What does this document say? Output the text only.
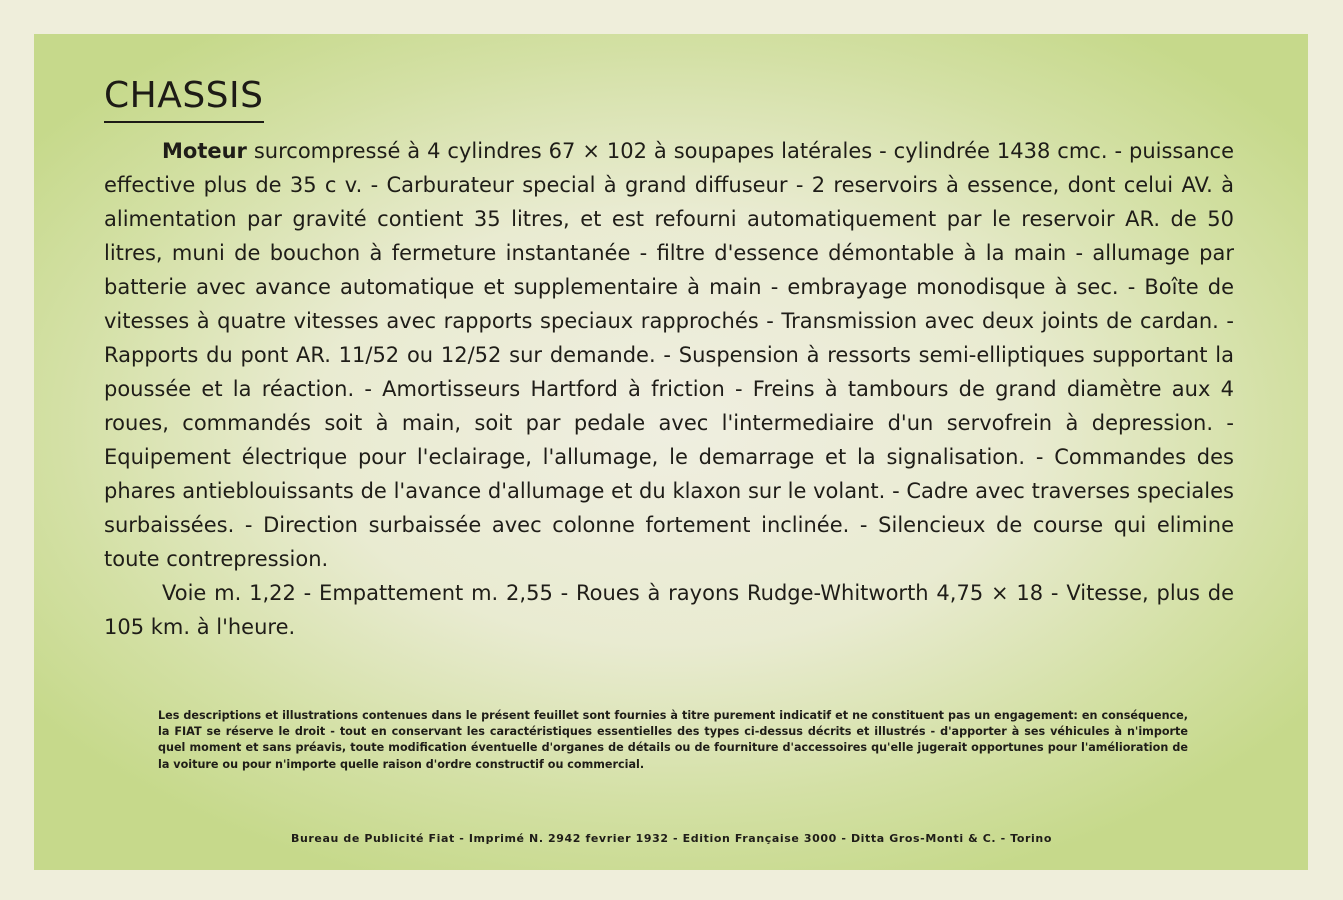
CHASSIS

Moteur surcompressé à 4 cylindres 67 × 102 à soupapes latérales - cylindrée 1438 cmc. - puissance effective plus de 35 c v. - Carburateur special à grand diffuseur - 2 reservoirs à essence, dont celui AV. à alimentation par gravité contient 35 litres, et est refourni automatiquement par le reservoir AR. de 50 litres, muni de bouchon à fermeture instantanée - filtre d'essence démontable à la main - allumage par batterie avec avance automatique et supplementaire à main - embrayage monodisque à sec. - Boîte de vitesses à quatre vitesses avec rapports speciaux rapprochés - Transmission avec deux joints de cardan. - Rapports du pont AR. 11/52 ou 12/52 sur demande. - Suspension à ressorts semi-elliptiques supportant la poussée et la réaction. - Amortisseurs Hartford à friction - Freins à tambours de grand diamètre aux 4 roues, commandés soit à main, soit par pedale avec l'intermediaire d'un servofrein à depression. - Equipement électrique pour l'eclairage, l'allumage, le demarrage et la signalisation. - Commandes des phares antieblouissants de l'avance d'allumage et du klaxon sur le volant. - Cadre avec traverses speciales surbaissées. - Direction surbaissée avec colonne fortement inclinée. - Silencieux de course qui elimine toute contrepression.

Voie m. 1,22 - Empattement m. 2,55 - Roues à rayons Rudge-Whitworth 4,75 × 18 - Vitesse, plus de 105 km. à l'heure.

Les descriptions et illustrations contenues dans le présent feuillet sont fournies à titre purement indicatif et ne constituent pas un engagement: en conséquence, la FIAT se réserve le droit - tout en conservant les caractéristiques essentielles des types ci-dessus décrits et illustrés - d'apporter à ses véhicules à n'importe quel moment et sans préavis, toute modification éventuelle d'organes de détails ou de fourniture d'accessoires qu'elle jugerait opportunes pour l'amélioration de la voiture ou pour n'importe quelle raison d'ordre constructif ou commercial.

Bureau de Publicité Fiat - Imprimé N. 2942 fevrier 1932 - Edition Française 3000 - Ditta Gros-Monti & C. - Torino
